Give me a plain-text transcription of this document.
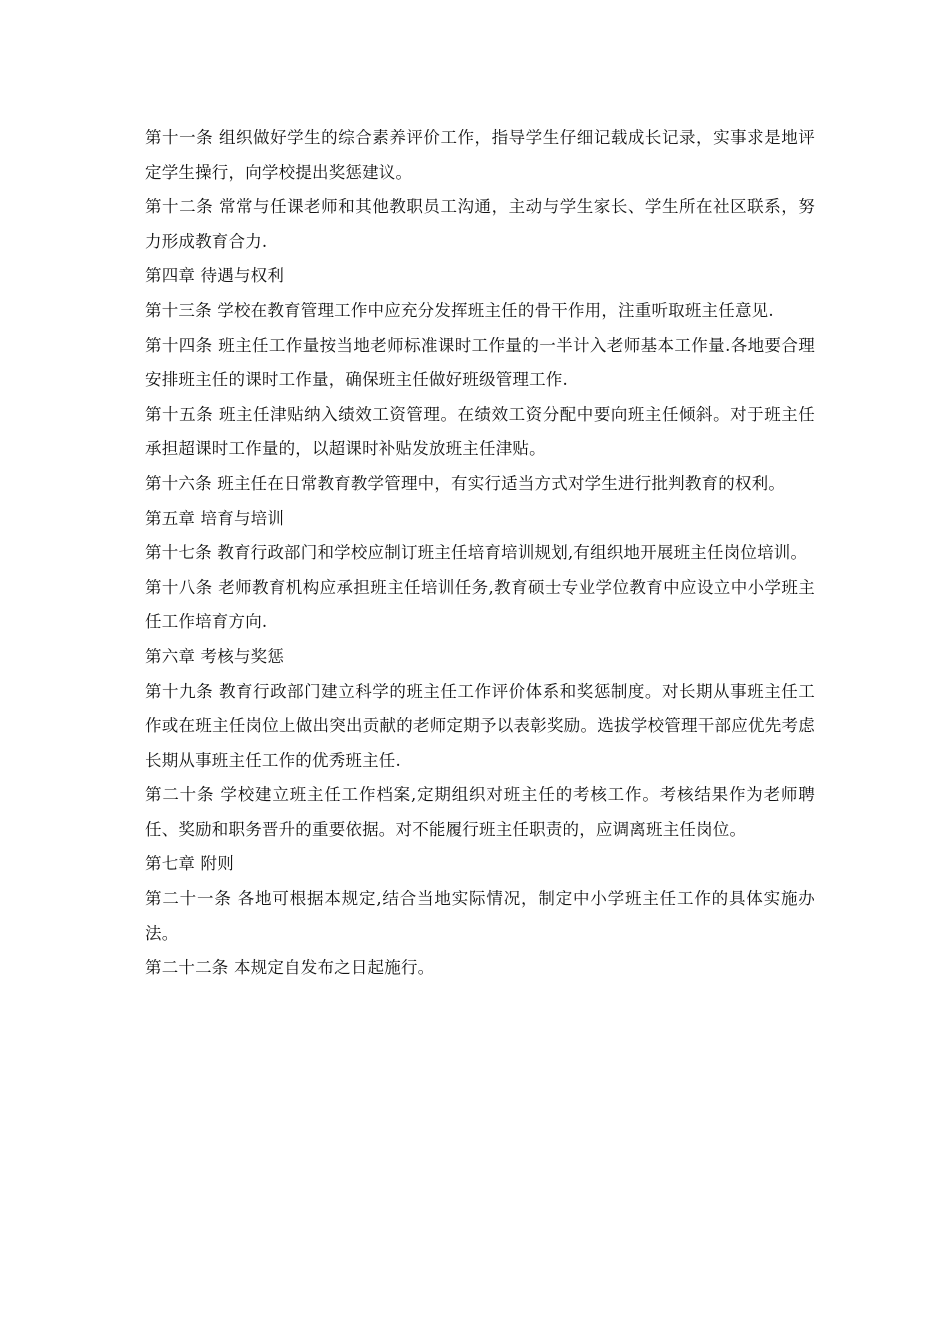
第十一条 组织做好学生的综合素养评价工作，指导学生仔细记载成长记录，实事求是地评定学生操行，向学校提出奖惩建议。

第十二条 常常与任课老师和其他教职员工沟通，主动与学生家长、学生所在社区联系，努力形成教育合力.

第四章 待遇与权利

第十三条 学校在教育管理工作中应充分发挥班主任的骨干作用，注重听取班主任意见.

第十四条 班主任工作量按当地老师标准课时工作量的一半计入老师基本工作量.各地要合理安排班主任的课时工作量，确保班主任做好班级管理工作.

第十五条 班主任津贴纳入绩效工资管理。在绩效工资分配中要向班主任倾斜。对于班主任承担超课时工作量的，以超课时补贴发放班主任津贴。

第十六条 班主任在日常教育教学管理中，有实行适当方式对学生进行批判教育的权利。

第五章 培育与培训

第十七条 教育行政部门和学校应制订班主任培育培训规划,有组织地开展班主任岗位培训。

第十八条 老师教育机构应承担班主任培训任务,教育硕士专业学位教育中应设立中小学班主任工作培育方向.

第六章 考核与奖惩

第十九条 教育行政部门建立科学的班主任工作评价体系和奖惩制度。对长期从事班主任工作或在班主任岗位上做出突出贡献的老师定期予以表彰奖励。选拔学校管理干部应优先考虑长期从事班主任工作的优秀班主任.

第二十条 学校建立班主任工作档案,定期组织对班主任的考核工作。考核结果作为老师聘任、奖励和职务晋升的重要依据。对不能履行班主任职责的，应调离班主任岗位。

第七章 附则

第二十一条 各地可根据本规定,结合当地实际情况，制定中小学班主任工作的具体实施办法。

第二十二条 本规定自发布之日起施行。
